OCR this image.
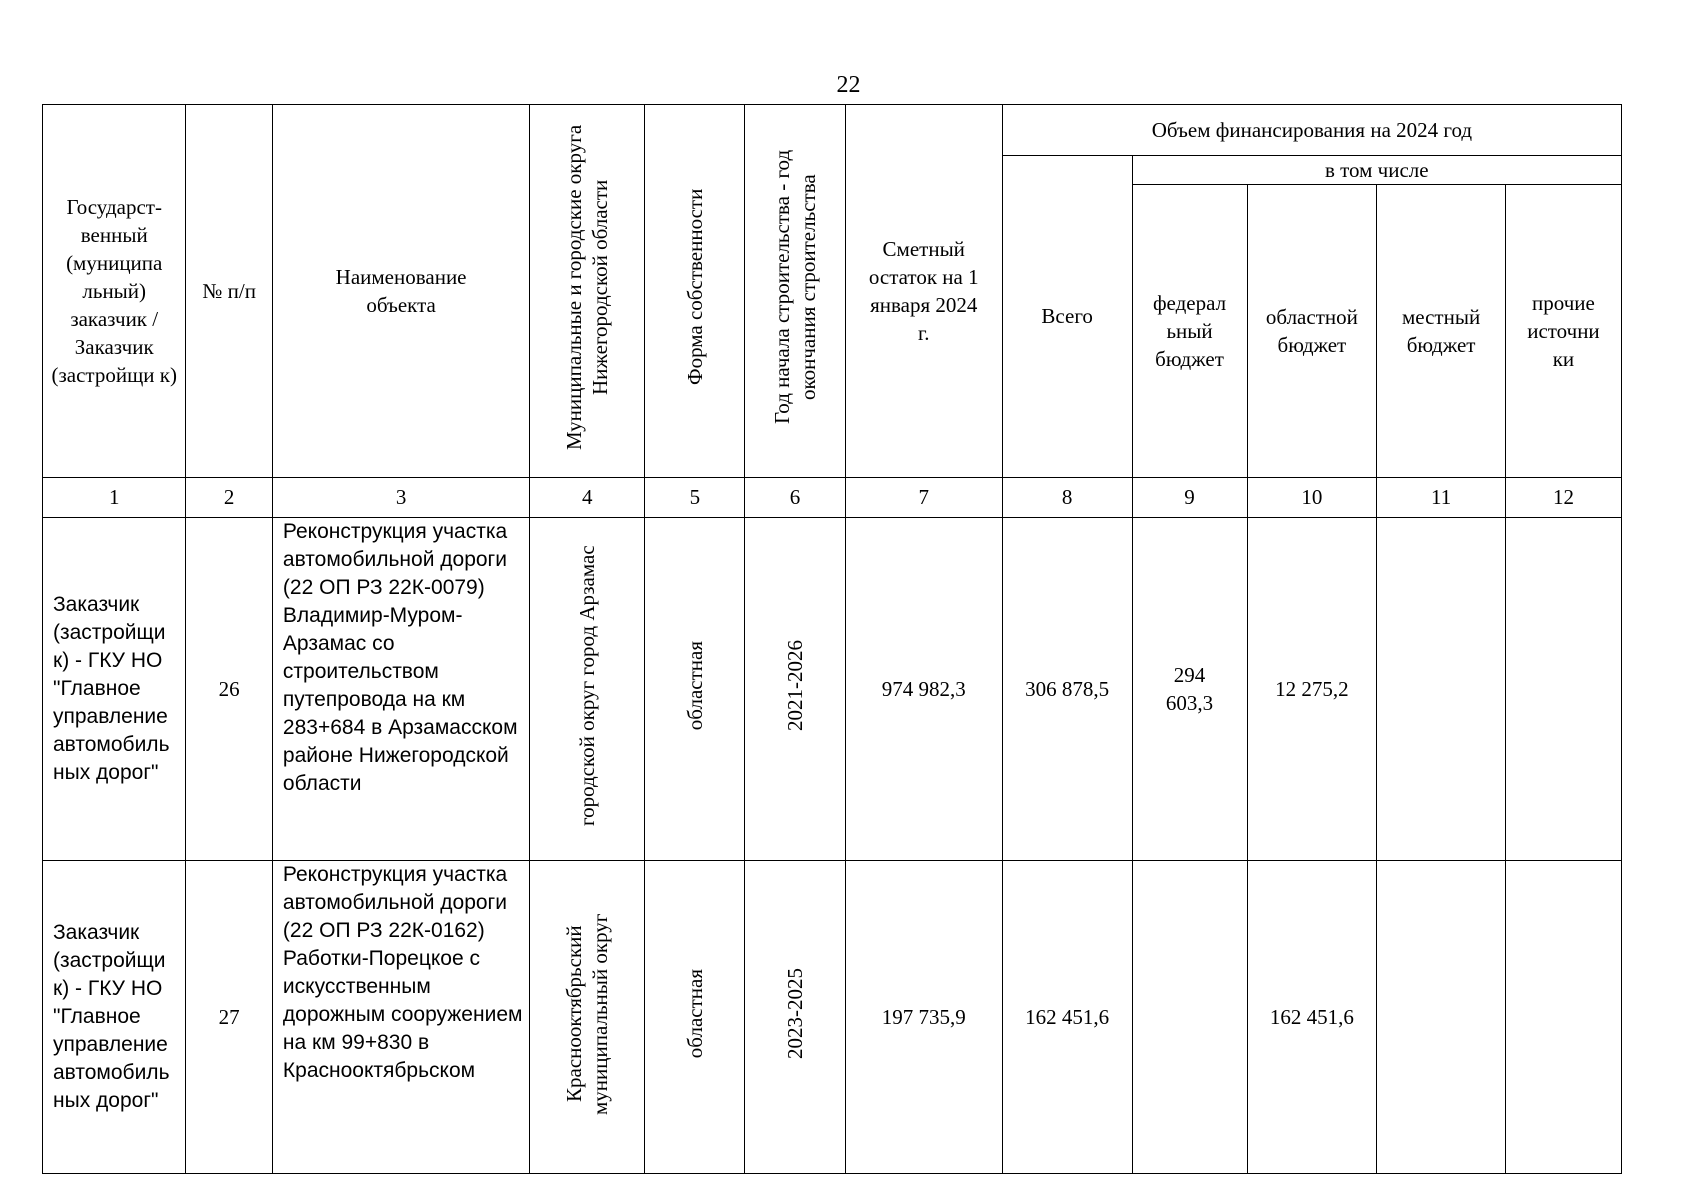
22
Государст-венный (муниципа льный) заказчик / Заказчик (застройщи к)	№ п/п	Наименование объекта	Муниципальные и городские округа Нижегородской области	Форма собственности	Год начала строительства - год окончания строительства	Сметный остаток на 1 января 2024 г.	Объем финансирования на 2024 год				
							Всего	в том числе			
								федерал ьный бюджет	областной бюджет	местный бюджет	прочие источни ки
1	2	3	4	5	6	7	8	9	10	11	12
Заказчик (застройщи к) - ГКУ НО "Главное управление автомобиль ных дорог"	26	Реконструкция участка автомобильной дороги (22 ОП РЗ 22К-0079) Владимир-Муром-Арзамас со строительством путепровода на км 283+684 в Арзамасском районе Нижегородской области	городской округ город Арзамас	областная	2021-2026	974 982,3	306 878,5	294 603,3	12 275,2		
Заказчик (застройщи к) - ГКУ НО "Главное управление автомобиль ных дорог"	27	Реконструкция участка автомобильной дороги (22 ОП РЗ 22К-0162) Работки-Порецкое с искусственным дорожным сооружением на км 99+830 в Краснооктябрьском	Краснооктябрьский муниципальный округ	областная	2023-2025	197 735,9	162 451,6		162 451,6		
